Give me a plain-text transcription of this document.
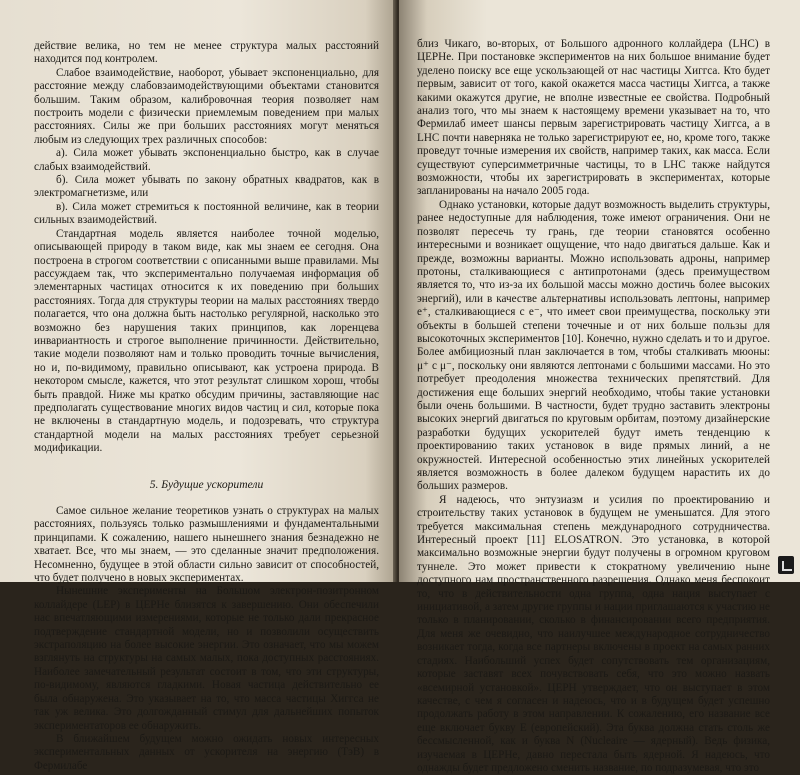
действие велика, но тем не менее структура малых расстояний находится под контролем.

Слабое взаимодействие, наоборот, убывает экспоненциально, для расстояние между слабовзаимодействующими объектами становится большим. Таким образом, калибровочная теория позволяет нам построить модели с физически приемлемым поведением при малых расстояниях. Силы же при больших расстояниях могут меняться любым из следующих трех различных способов:

а). Сила может убывать экспоненциально быстро, как в случае слабых взаимодействий.

б). Сила может убывать по закону обратных квадратов, как в электромагнетизме, или

в). Сила может стремиться к постоянной величине, как в теории сильных взаимодействий.

Стандартная модель является наиболее точной моделью, описывающей природу в таком виде, как мы знаем ее сегодня. Она построена в строгом соответствии с описанными выше правилами. Мы рассуждаем так, что экспериментально получаемая информация об элементарных частицах относится к их поведению при больших расстояниях. Тогда для структуры теории на малых расстояниях твердо полагается, что она должна быть настолько регулярной, насколько это возможно без нарушения таких принципов, как лоренцева инвариантность и строгое выполнение причинности. Действительно, такие модели позволяют нам и только проводить точные вычисления, но и, по-видимому, правильно описывают, как устроена природа. В некотором смысле, кажется, что этот результат слишком хорош, чтобы быть правдой. Ниже мы кратко обсудим причины, заставляющие нас предполагать существование многих видов частиц и сил, которые пока не включены в стандартную модель, и подозревать, что структура стандартной модели на малых расстояниях требует серьезной модификации.

5. Будущие ускорители

Самое сильное желание теоретиков узнать о структурах на малых расстояниях, пользуясь только размышлениями и фундаментальными принципами. К сожалению, нашего нынешнего знания безнадежно не хватает. Все, что мы знаем, — это сделанные значит предположения. Несомненно, будущее в этой области сильно зависит от способностей, что будет получено в новых экспериментах.

Нынешние эксперименты на Большом электрон-позитронном коллайдере (LEP) в ЦЕРНе близятся к завершению. Они обеспечили нас впечатляющими измерениями, которые не только дали прекрасное подтверждение стандартной модели, но и позволили осуществить экстраполяцию на более высокие энергии. Это означает, что мы можем взглянуть на структуры на самых малых, пока доступных расстояниях. Наиболее замечательный результат состоит в том, что эти структуры, по-видимому, являются гладкими. Новая частица действительно ее была обнаружена. Это указывает на то, что масса частицы Хиггса не так уж велика. Это долгожданный стимул для дальнейших попыток экспериментаторов ее обнаружить.

В ближайшем будущем можно ожидать новых интересных экспериментальных данных от ускорителя на энергию (ТэВ) в Фермилабе

близ Чикаго, во-вторых, от Большого адронного коллайдера (LHC) в ЦЕРНе. При постановке экспериментов на них большое внимание будет уделено поиску все еще ускользающей от нас частицы Хиггса. Кто будет первым, зависит от того, какой окажется масса частицы Хиггса, а также какими окажутся другие, не вполне известные ее свойства. Подробный анализ того, что мы знаем к настоящему времени указывает на то, что Фермилаб имеет шансы первым зарегистрировать частицу Хиггса, а в LHC почти наверняка не только зарегистрируют ее, но, кроме того, также проведут точные измерения их свойств, например таких, как масса. Если существуют суперсимметричные частицы, то в LHC также найдутся возможности, чтобы их зарегистрировать в экспериментах, которые запланированы на начало 2005 года.

Однако установки, которые дадут возможность выделить структуры, ранее недоступные для наблюдения, тоже имеют ограничения. Они не позволят пересечь ту грань, где теории становятся особенно интересными и возникает ощущение, что надо двигаться дальше. Как и прежде, возможны варианты. Можно использовать адроны, например протоны, сталкивающиеся с антипротонами (здесь преимуществом является то, что из-за их большой массы можно достичь более высоких энергий), или в качестве альтернативы использовать лептоны, например e⁺, сталкивающиеся с e⁻, что имеет свои преимущества, поскольку эти объекты в большей степени точечные и от них больше пользы для высокоточных экспериментов [10]. Конечно, нужно сделать и то и другое. Более амбициозный план заключается в том, чтобы сталкивать мюоны: μ⁺ с μ⁻, поскольку они являются лептонами с большими массами. Но это потребует преодоления множества технических препятствий. Для достижения еще больших энергий необходимо, чтобы такие установки были очень большими. В частности, будет трудно заставить электроны высоких энергий двигаться по круговым орбитам, поэтому дизайнерские разработки будущих ускорителей будут иметь тенденцию к проектированию таких установок в виде прямых линий, а не окружностей. Интересной особенностью этих линейных ускорителей является возможность в более далеком будущем нарастить их до больших размеров.

Я надеюсь, что энтузиазм и усилия по проектированию и строительству таких установок в будущем не уменьшатся. Для этого требуется максимальная степень международного сотрудничества. Интересный проект [11] ELOSATRON. Это установка, в которой максимально возможные энергии будут получены в огромном круговом туннеле. Это может привести к стократному увеличению ныне доступного нам пространственного разрешения. Однако меня беспокоит то, что в действительности одна группа, одна нация выступает с инициативой, а затем другие группы и нации приглашаются к участию не только в планировании, сколько в финансировании всего предприятия. Для меня же очевидно, что наилучшее международное сотрудничество возникает тогда, когда все партнеры включены в проект на самых ранних стадиях. Наибольший успех будет сопутствовать тем организациям, которые заставят всех почувствовать себя, что это можно назвать «всемирной установкой». ЦЕРН утверждает, что он выступает в этом качестве, с чем я согласен и надеюсь, что и в будущем будет успешно продолжать работу в этом направлении. К сожалению, его название все еще включает букву E (европейский). Эта буква должна стать столь же бессмысленной, как и буква N (Nucleaire — ядерный). Ведь физика, изучаемая в ЦЕРНе, давно перестала быть ядерной. Я надеюсь, что однажды будет предложено сменить название, по подразумевая, что это
